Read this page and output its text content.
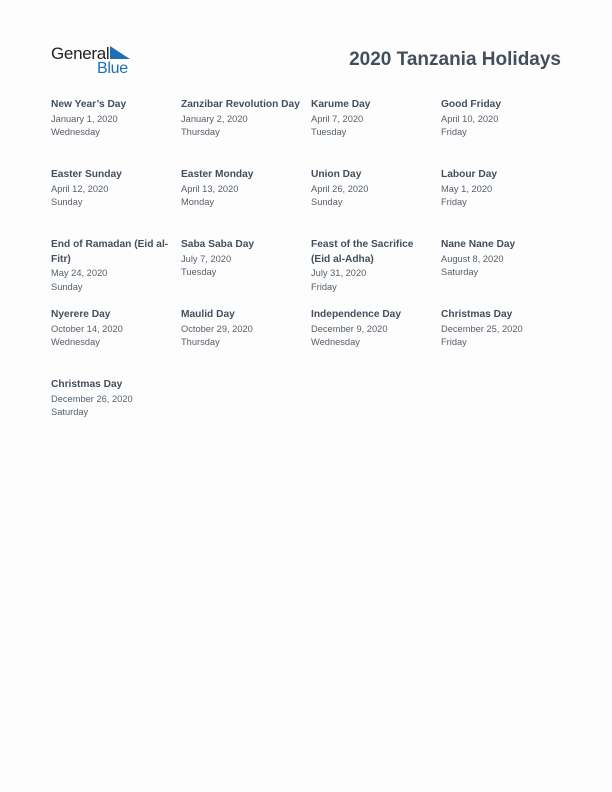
General
Blue	2020 Tanzania Holidays
New Year’s Day
January 1, 2020
Wednesday
Zanzibar Revolution Day
January 2, 2020
Thursday
Karume Day
April 7, 2020
Tuesday
Good Friday
April 10, 2020
Friday
Easter Sunday
April 12, 2020
Sunday
Easter Monday
April 13, 2020
Monday
Union Day
April 26, 2020
Sunday
Labour Day
May 1, 2020
Friday
End of Ramadan (Eid al-Fitr)
May 24, 2020
Sunday
Saba Saba Day
July 7, 2020
Tuesday
Feast of the Sacrifice (Eid al-Adha)
July 31, 2020
Friday
Nane Nane Day
August 8, 2020
Saturday
Nyerere Day
October 14, 2020
Wednesday
Maulid Day
October 29, 2020
Thursday
Independence Day
December 9, 2020
Wednesday
Christmas Day
December 25, 2020
Friday
Christmas Day
December 26, 2020
Saturday
